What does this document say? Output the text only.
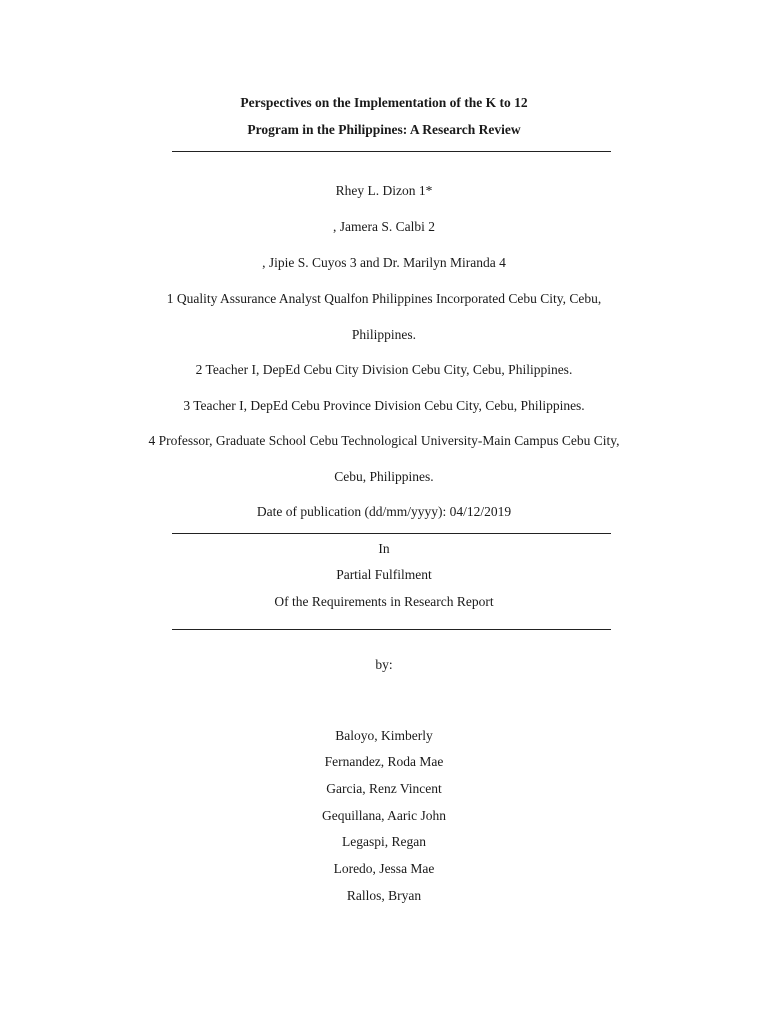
Perspectives on the Implementation of the K to 12
Program in the Philippines: A Research Review
Rhey L. Dizon 1*
, Jamera S. Calbi 2
, Jipie S. Cuyos 3 and Dr. Marilyn Miranda 4
1 Quality Assurance Analyst Qualfon Philippines Incorporated Cebu City, Cebu,
Philippines.
2 Teacher I, DepEd Cebu City Division Cebu City, Cebu, Philippines.
3 Teacher I, DepEd Cebu Province Division Cebu City, Cebu, Philippines.
4 Professor, Graduate School Cebu Technological University-Main Campus Cebu City,
Cebu, Philippines.
Date of publication (dd/mm/yyyy): 04/12/2019
In
Partial Fulfilment
Of the Requirements in Research Report
by:
Baloyo, Kimberly
Fernandez, Roda Mae
Garcia, Renz Vincent
Gequillana, Aaric John
Legaspi, Regan
Loredo, Jessa Mae
Rallos, Bryan
